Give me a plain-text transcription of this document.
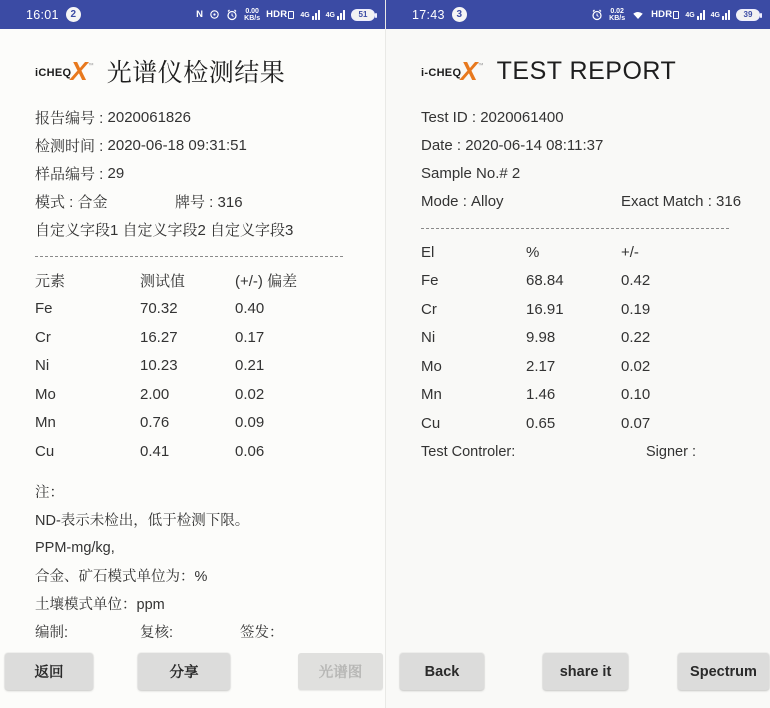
16:01	2	N	0.00
KB/s HDR 4G 4G	51
iCHEQ X ™ 光谱仪检测结果
报告编号 : 2020061826
检测时间 : 2020-06-18 09:31:51
样品编号 : 29
模式 : 合金	牌号 : 316
自定义字段1 自定义字段2 自定义字段3
元素	测试值	(+/-) 偏差
Fe	70.32	0.40
Cr	16.27	0.17
Ni	10.23	0.21
Mo	2.00	0.02
Mn	0.76	0.09
Cu	0.41	0.06
注：
ND-表示未检出，低于检测下限。
PPM-mg/kg,
合金、矿石模式单位为：%
土壤模式单位：ppm
编制:	复核:	签发：
返回	分享	光谱图
17:43	3	0.02
KB/s	HDR 4G 4G	39
i-CHEQ X ™ TEST REPORT
Test ID : 2020061400
Date : 2020-06-14 08:11:37
Sample No.# 2
Mode : Alloy	Exact Match : 316
El	%	+/-
Fe	68.84	0.42
Cr	16.91	0.19
Ni	9.98	0.22
Mo	2.17	0.02
Mn	1.46	0.10
Cu	0.65	0.07
Test Controler:	Signer :
Back	share it	Spectrum
